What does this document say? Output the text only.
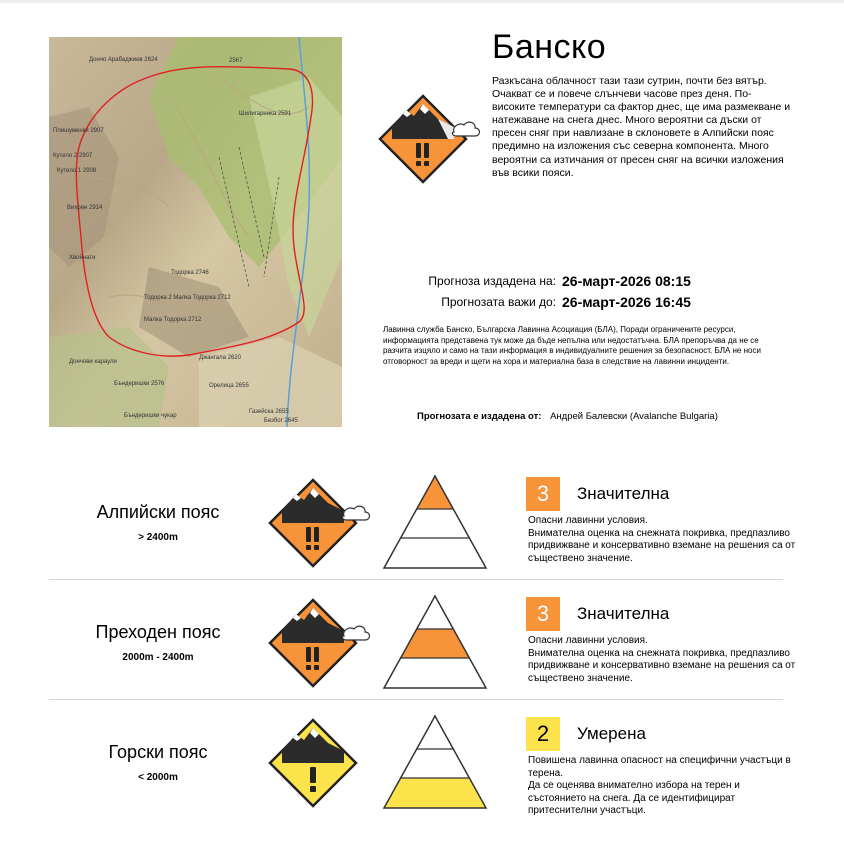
Дончо Арабаджиев 2624	2567
Шилигарника 2591
Плишуменки 2907
Кутело 2 2907
Кутело 1 2908
Вихрен 2914
Хвойнати
Тодорка 2746
Тодорка 2 Малка Тодорка 2712
Малка Тодорка 2712
Дончови караули
Бъндеришки 2576
Бъндеришки чукар
Джангала 2620
Орелица 2655
Газейска 2655
Безбог 2645
Банско
Разкъсана облачност тази тази сутрин, почти без вятър. Очакват се и повече слънчеви часове през деня. По-високите температури са фактор днес, ще има размекване и натежаване на снега днес. Много вероятни са дъски от пресен сняг при навлизане в склоновете в Алпийски пояс предимно на изложения със северна компонента. Много вероятни са изтичания от пресен сняг на всички изложения във всики пояси.
Прогноза издадена на: 26-март-2026 08:15
Прогнозата важи до: 26-март-2026 16:45
Лавинна служба Банско, Българска Лавинна Асоциация (БЛА), Поради ограничените ресурси, информацията представена тук може да бъде непълна или недостатъчна. БЛА препоръчва да не се разчита изцяло и само на тази информация в индивидуалните решения за безопасност. БЛА не носи отговорност за вреди и щети на хора и материална база в следствие на лавинни инциденти.
Прогнозата е издадена от: Андрей Балевски (Avalanche Bulgaria)
Алпийски пояс
> 2400m
3	Значителна
Опасни лавинни условия.
Внимателна оценка на снежната покривка, предпазливо придвижване и консервативно вземане на решения са от съществено значение.
Преходен пояс
2000m - 2400m
3	Значителна
Опасни лавинни условия.
Внимателна оценка на снежната покривка, предпазливо придвижване и консервативно вземане на решения са от съществено значение.
Горски пояс
< 2000m
2	Умерена
Повишена лавинна опасност на специфични участъци в терена.
Да се оценява внимателно избора на терен и състоянието на снега. Да се идентифицират притеснителни участъци.
